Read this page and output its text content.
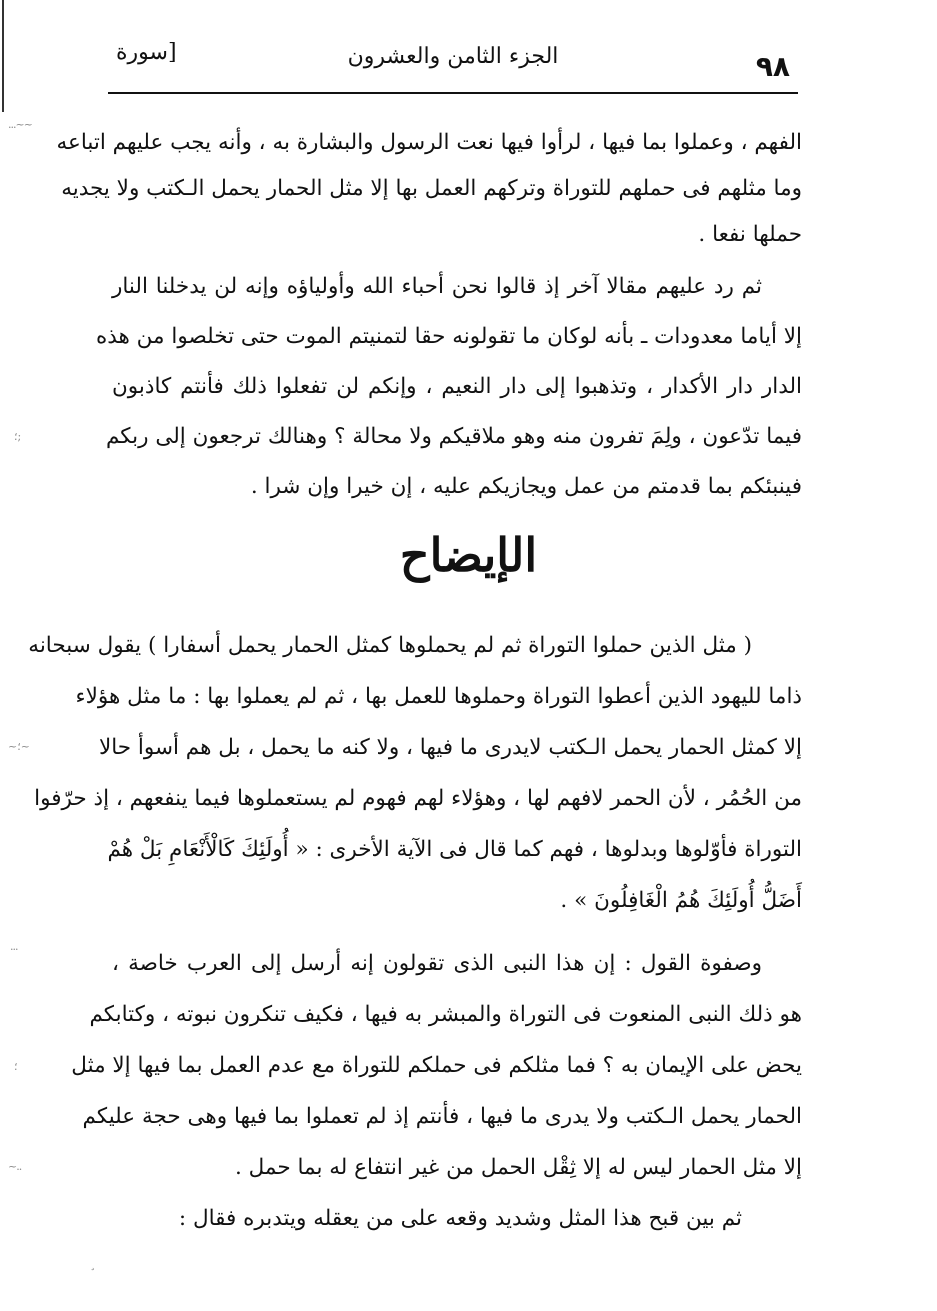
...~~
؛;
~؛~
...
؛
~..
¸
٩٨
الجزء الثامن والعشرون
[سورة
الفهم ، وعملوا بما فيها ، لرأوا فيها نعت الرسول والبشارة به ، وأنه يجب عليهم اتباعه
وما مثلهم فى حملهم للتوراة وتركهم العمل بها إلا مثل الحمار يحمل الـكتب ولا يجديه
حملها نفعا .
ثم رد عليهم مقالا آخر إذ قالوا نحن أحباء الله وأولياؤه وإنه لن يدخلنا النار
إلا أياما معدودات ـ بأنه لوكان ما تقولونه حقا لتمنيتم الموت حتى تخلصوا من هذه
الدار دار الأكدار ، وتذهبوا إلى دار النعيم ، وإنكم لن تفعلوا ذلك فأنتم كاذبون
فيما تدّعون ، ولِمَ تفرون منه وهو ملاقيكم ولا محالة ؟ وهنالك ترجعون إلى ربكم
فينبئكم بما قدمتم من عمل ويجازيكم عليه ، إن خيرا وإن شرا .
الإيضاح
( مثل الذين حملوا التوراة ثم لم يحملوها كمثل الحمار يحمل أسفارا ) يقول سبحانه
ذاما لليهود الذين أعطوا التوراة وحملوها للعمل بها ، ثم لم يعملوا بها : ما مثل هؤلاء
إلا كمثل الحمار يحمل الـكتب لايدرى ما فيها ، ولا كنه ما يحمل ، بل هم أسوأ حالا
من الحُمُر ، لأن الحمر لافهم لها ، وهؤلاء لهم فهوم لم يستعملوها فيما ينفعهم ، إذ حرّفوا
التوراة فأوّلوها وبدلوها ، فهم كما قال فى الآية الأخرى : « أُولَئِكَ كَالْأَنْعَامِ بَلْ هُمْ
أَضَلُّ أُولَئِكَ هُمُ الْغَافِلُونَ » .
وصفوة القول : إن هذا النبى الذى تقولون إنه أرسل إلى العرب خاصة ،
هو ذلك النبى المنعوت فى التوراة والمبشر به فيها ، فكيف تنكرون نبوته ، وكتابكم
يحض على الإيمان به ؟ فما مثلكم فى حملكم للتوراة مع عدم العمل بما فيها إلا مثل
الحمار يحمل الـكتب ولا يدرى ما فيها ، فأنتم إذ لم تعملوا بما فيها وهى حجة عليكم
إلا مثل الحمار ليس له إلا ثِقْل الحمل من غير انتفاع له بما حمل .
ثم بين قبح هذا المثل وشديد وقعه على من يعقله ويتدبره فقال :
